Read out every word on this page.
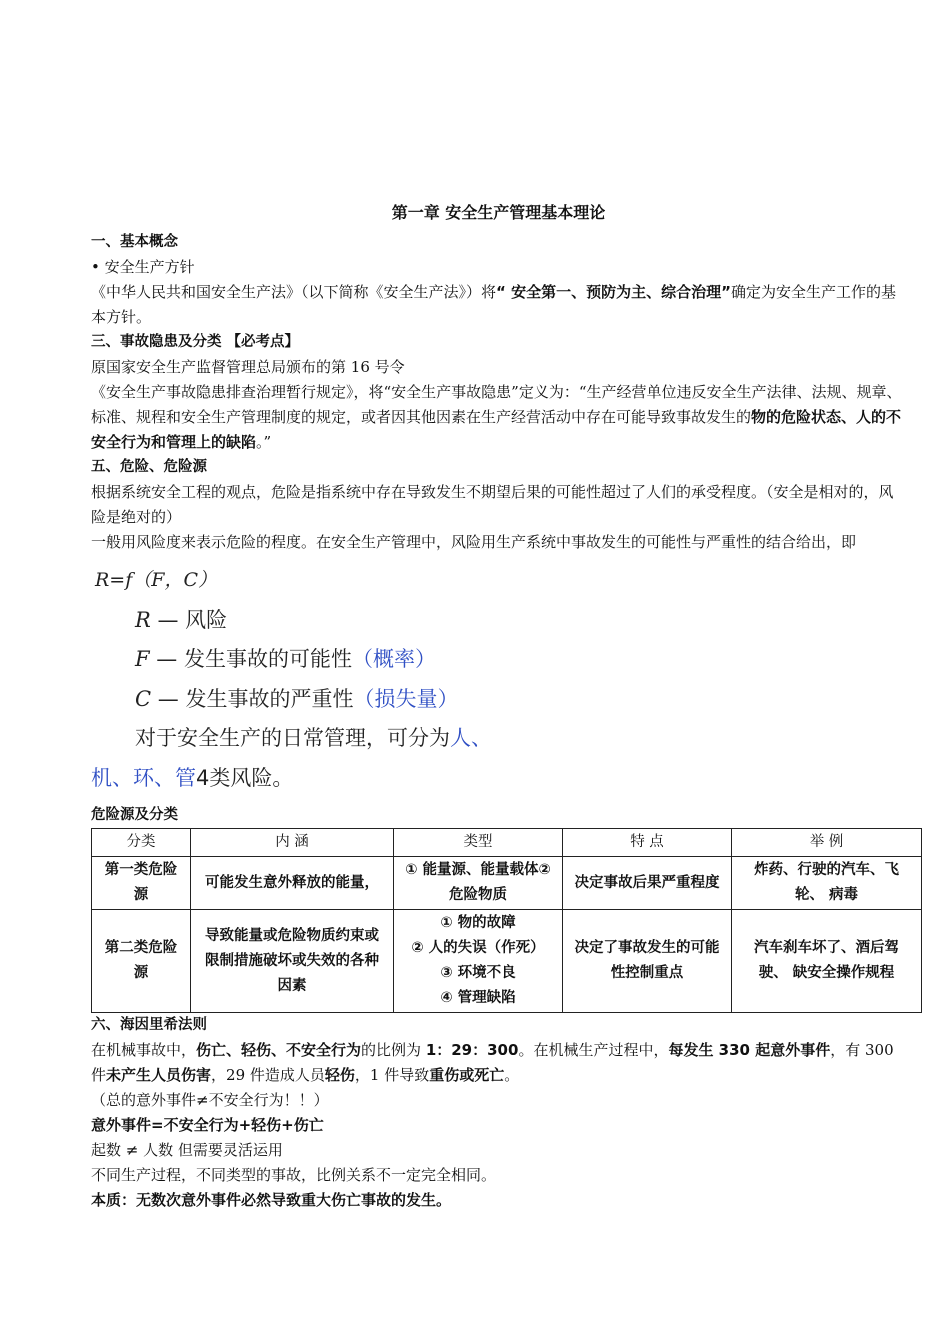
第一章 安全生产管理基本理论
一、基本概念

• 安全生产方针

《中华人民共和国安全生产法》（以下简称《安全生产法》）将“ 安全第一、预防为主、综合治理”确定为安全生产工作的基本方针。

三、事故隐患及分类 【必考点】

原国家安全生产监督管理总局颁布的第 16 号令

《安全生产事故隐患排查治理暂行规定》，将“安全生产事故隐患”定义为：“生产经营单位违反安全生产法律、法规、规章、标准、规程和安全生产管理制度的规定，或者因其他因素在生产经营活动中存在可能导致事故发生的物的危险状态、人的不安全行为和管理上的缺陷。”

五、危险、危险源

根据系统安全工程的观点，危险是指系统中存在导致发生不期望后果的可能性超过了人们的承受程度。（安全是相对的，风险是绝对的）

一般用风险度来表示危险的程度。在安全生产管理中，风险用生产系统中事故发生的可能性与严重性的结合给出，即

R=f（F，C）
R — 风险
F — 发生事故的可能性（概率）
C — 发生事故的严重性（损失量）
对于安全生产的日常管理，可分为人、
机、环、管4类风险。
危险源及分类
分类	内 涵	类型	特 点	举 例
第一类危险源	可能发生意外释放的能量，	① 能量源、能量载体②危险物质	决定事故后果严重程度	炸药、行驶的汽车、飞轮、 病毒
第二类危险源	导致能量或危险物质约束或限制措施破坏或失效的各种因素	① 物的故障
② 人的失误（作死）
③ 环境不良
④ 管理缺陷	决定了事故发生的可能性控制重点	汽车刹车坏了、酒后驾驶、 缺安全操作规程
六、海因里希法则

在机械事故中，伤亡、轻伤、不安全行为的比例为 1：29：300。在机械生产过程中，每发生 330 起意外事件，有 300 件未产生人员伤害，29 件造成人员轻伤，1 件导致重伤或死亡。

（总的意外事件≠不安全行为！！）

意外事件=不安全行为+轻伤+伤亡

起数 ≠ 人数 但需要灵活运用

不同生产过程，不同类型的事故，比例关系不一定完全相同。

本质：无数次意外事件必然导致重大伤亡事故的发生。
